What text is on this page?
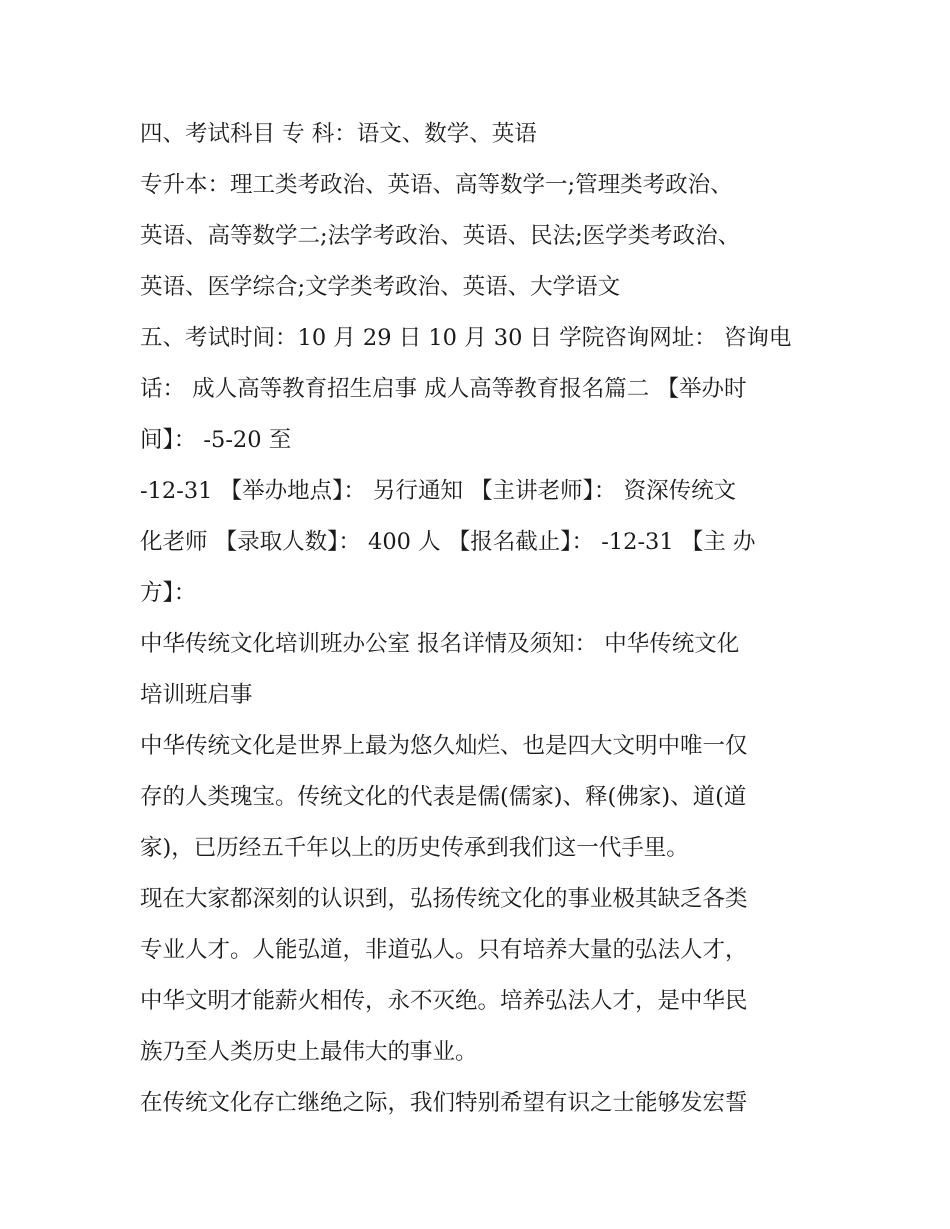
四、考试科目 专 科：语文、数学、英语

专升本：理工类考政治、英语、高等数学一;管理类考政治、

英语、高等数学二;法学考政治、英语、民法;医学类考政治、

英语、医学综合;文学类考政治、英语、大学语文

五、考试时间：10 月 29 日 10 月 30 日 学院咨询网址： 咨询电

话： 成人高等教育招生启事 成人高等教育报名篇二 【举办时

间】： -5-20 至

-12-31 【举办地点】： 另行通知 【主讲老师】： 资深传统文

化老师 【录取人数】： 400 人 【报名截止】： -12-31 【主 办

方】：

中华传统文化培训班办公室 报名详情及须知： 中华传统文化

培训班启事

中华传统文化是世界上最为悠久灿烂、也是四大文明中唯一仅

存的人类瑰宝。传统文化的代表是儒(儒家)、释(佛家)、道(道

家)，已历经五千年以上的历史传承到我们这一代手里。

现在大家都深刻的认识到，弘扬传统文化的事业极其缺乏各类

专业人才。人能弘道，非道弘人。只有培养大量的弘法人才，

中华文明才能薪火相传，永不灭绝。培养弘法人才，是中华民

族乃至人类历史上最伟大的事业。

在传统文化存亡继绝之际，我们特别希望有识之士能够发宏誓
